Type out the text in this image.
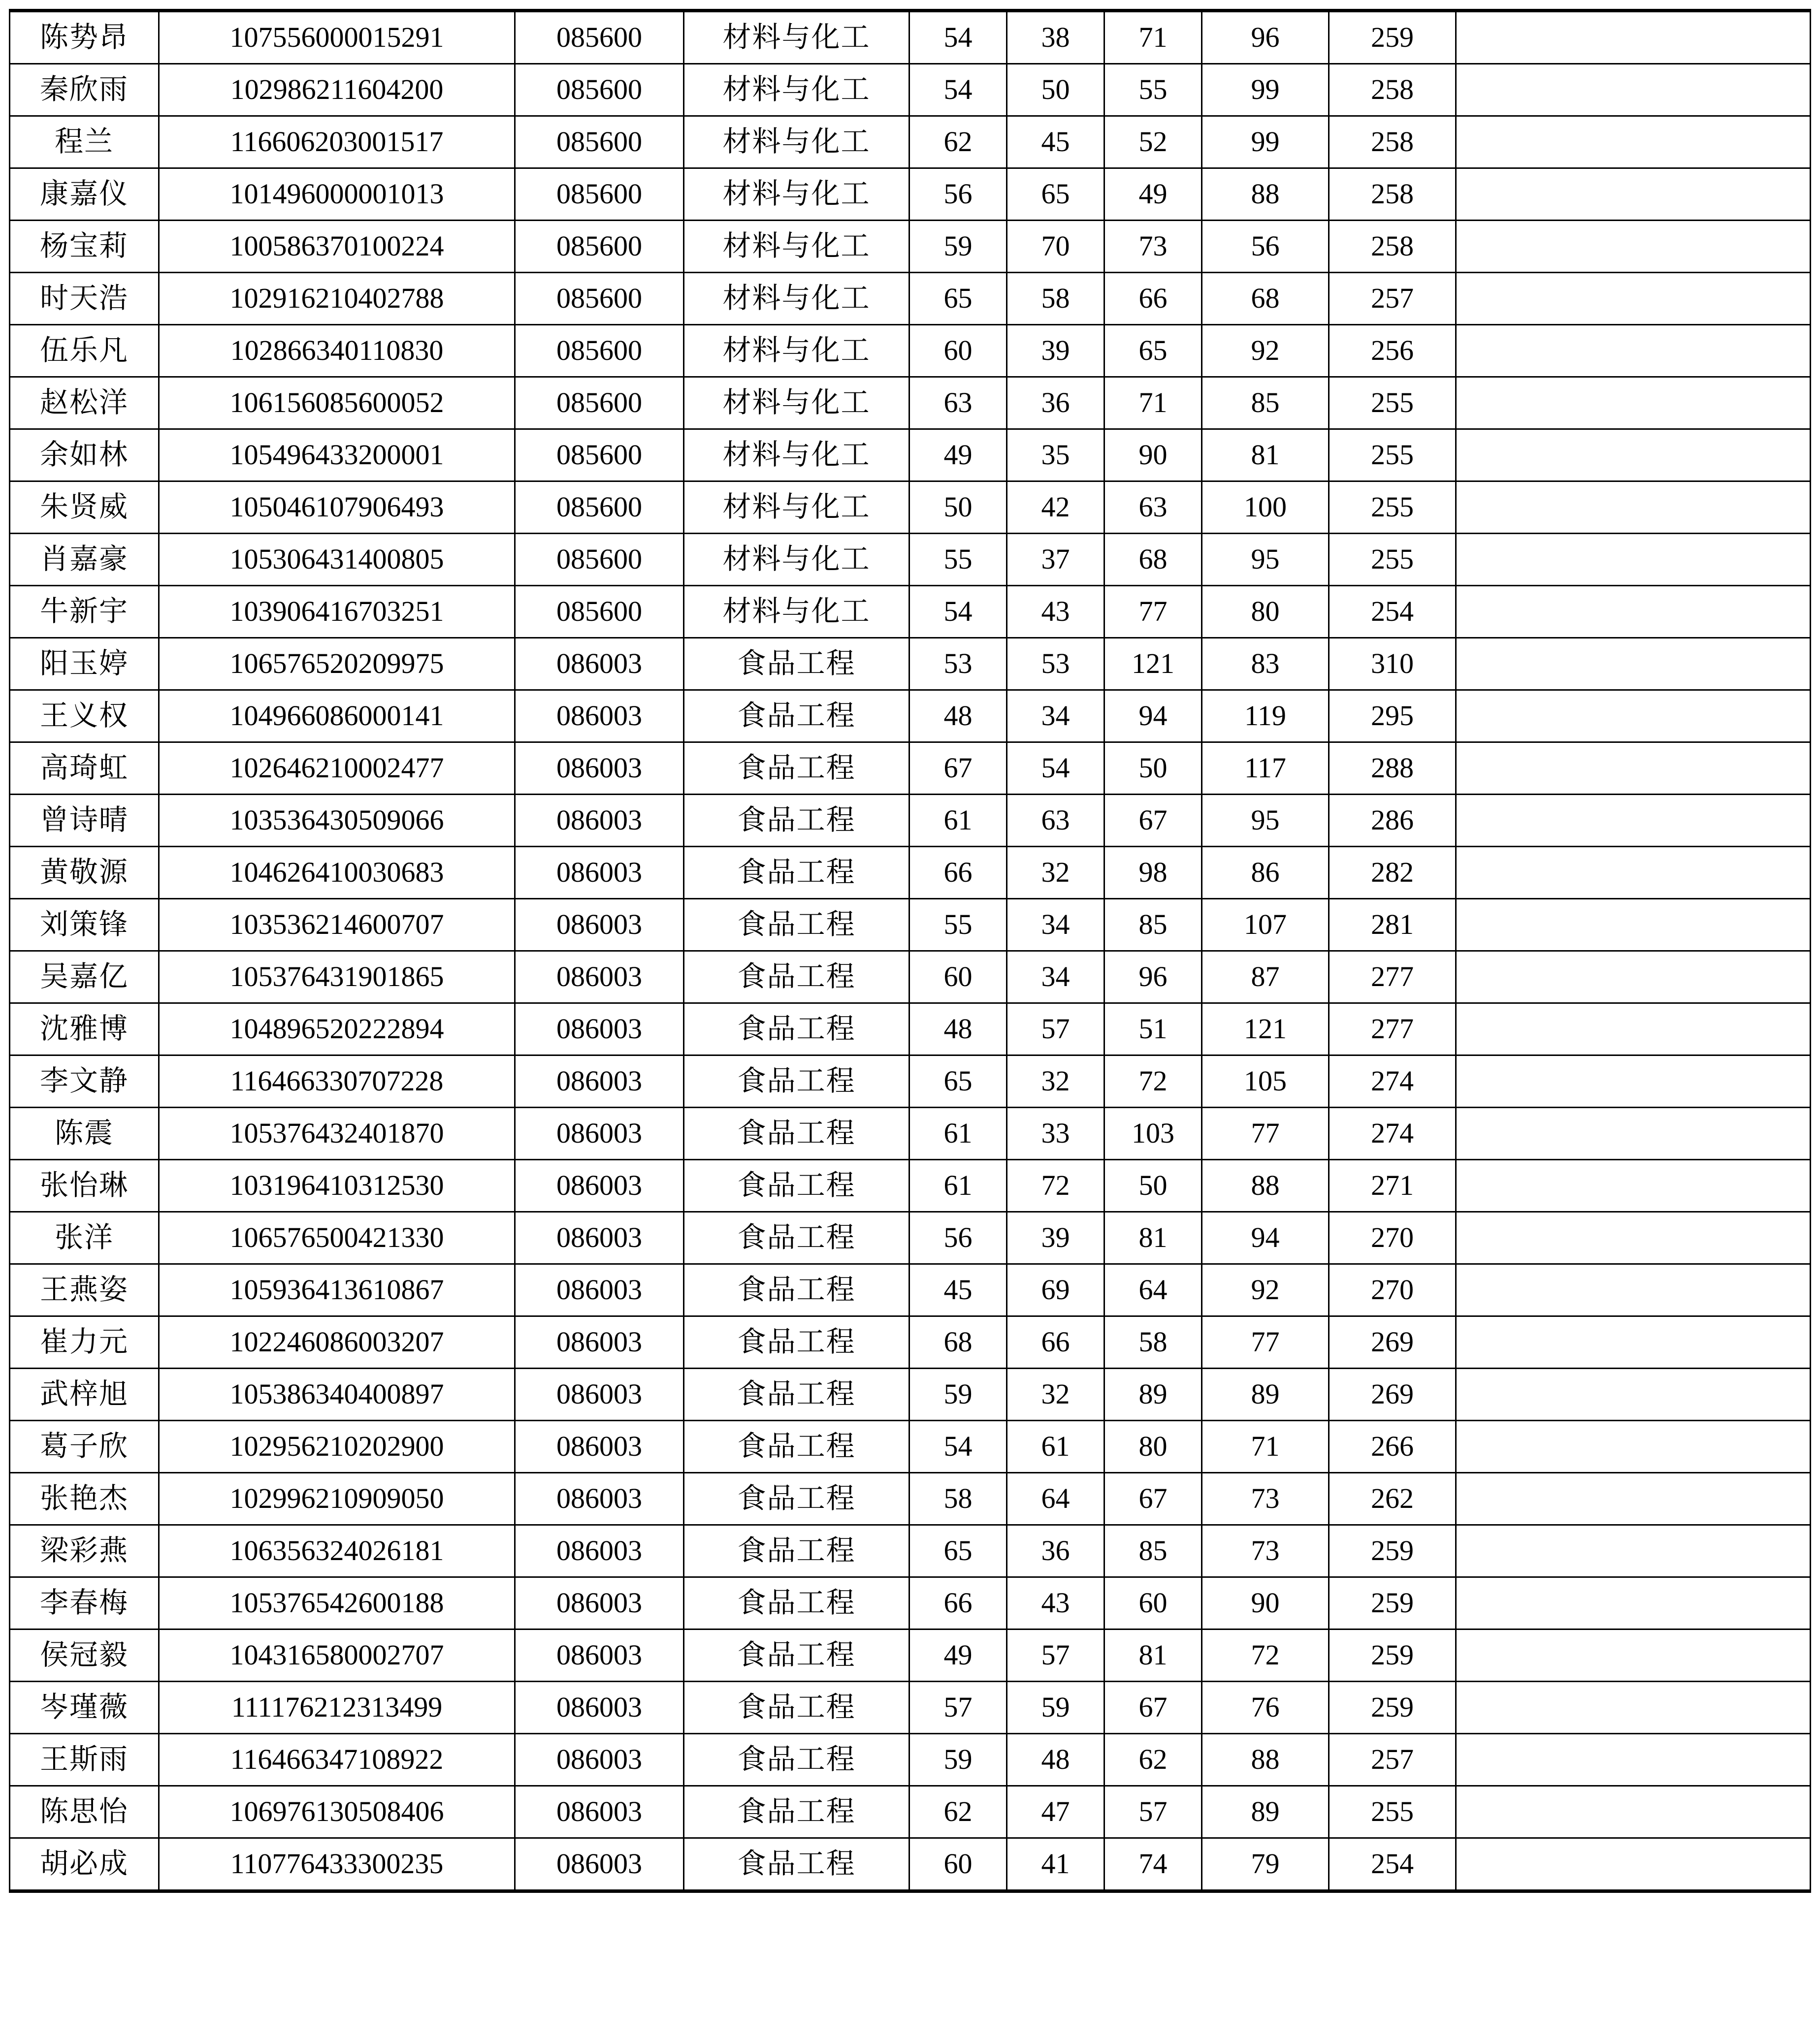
陈势昂	107556000015291	085600	材料与化工	54	38	71	96	259	
秦欣雨	102986211604200	085600	材料与化工	54	50	55	99	258	
程兰	116606203001517	085600	材料与化工	62	45	52	99	258	
康嘉仪	101496000001013	085600	材料与化工	56	65	49	88	258	
杨宝莉	100586370100224	085600	材料与化工	59	70	73	56	258	
时天浩	102916210402788	085600	材料与化工	65	58	66	68	257	
伍乐凡	102866340110830	085600	材料与化工	60	39	65	92	256	
赵松洋	106156085600052	085600	材料与化工	63	36	71	85	255	
余如林	105496433200001	085600	材料与化工	49	35	90	81	255	
朱贤威	105046107906493	085600	材料与化工	50	42	63	100	255	
肖嘉豪	105306431400805	085600	材料与化工	55	37	68	95	255	
牛新宇	103906416703251	085600	材料与化工	54	43	77	80	254	
阳玉婷	106576520209975	086003	食品工程	53	53	121	83	310	
王义权	104966086000141	086003	食品工程	48	34	94	119	295	
高琦虹	102646210002477	086003	食品工程	67	54	50	117	288	
曾诗晴	103536430509066	086003	食品工程	61	63	67	95	286	
黄敬源	104626410030683	086003	食品工程	66	32	98	86	282	
刘策锋	103536214600707	086003	食品工程	55	34	85	107	281	
吴嘉亿	105376431901865	086003	食品工程	60	34	96	87	277	
沈雅博	104896520222894	086003	食品工程	48	57	51	121	277	
李文静	116466330707228	086003	食品工程	65	32	72	105	274	
陈震	105376432401870	086003	食品工程	61	33	103	77	274	
张怡琳	103196410312530	086003	食品工程	61	72	50	88	271	
张洋	106576500421330	086003	食品工程	56	39	81	94	270	
王燕姿	105936413610867	086003	食品工程	45	69	64	92	270	
崔力元	102246086003207	086003	食品工程	68	66	58	77	269	
武梓旭	105386340400897	086003	食品工程	59	32	89	89	269	
葛子欣	102956210202900	086003	食品工程	54	61	80	71	266	
张艳杰	102996210909050	086003	食品工程	58	64	67	73	262	
梁彩燕	106356324026181	086003	食品工程	65	36	85	73	259	
李春梅	105376542600188	086003	食品工程	66	43	60	90	259	
侯冠毅	104316580002707	086003	食品工程	49	57	81	72	259	
岑瑾薇	111176212313499	086003	食品工程	57	59	67	76	259	
王斯雨	116466347108922	086003	食品工程	59	48	62	88	257	
陈思怡	106976130508406	086003	食品工程	62	47	57	89	255	
胡必成	110776433300235	086003	食品工程	60	41	74	79	254	
